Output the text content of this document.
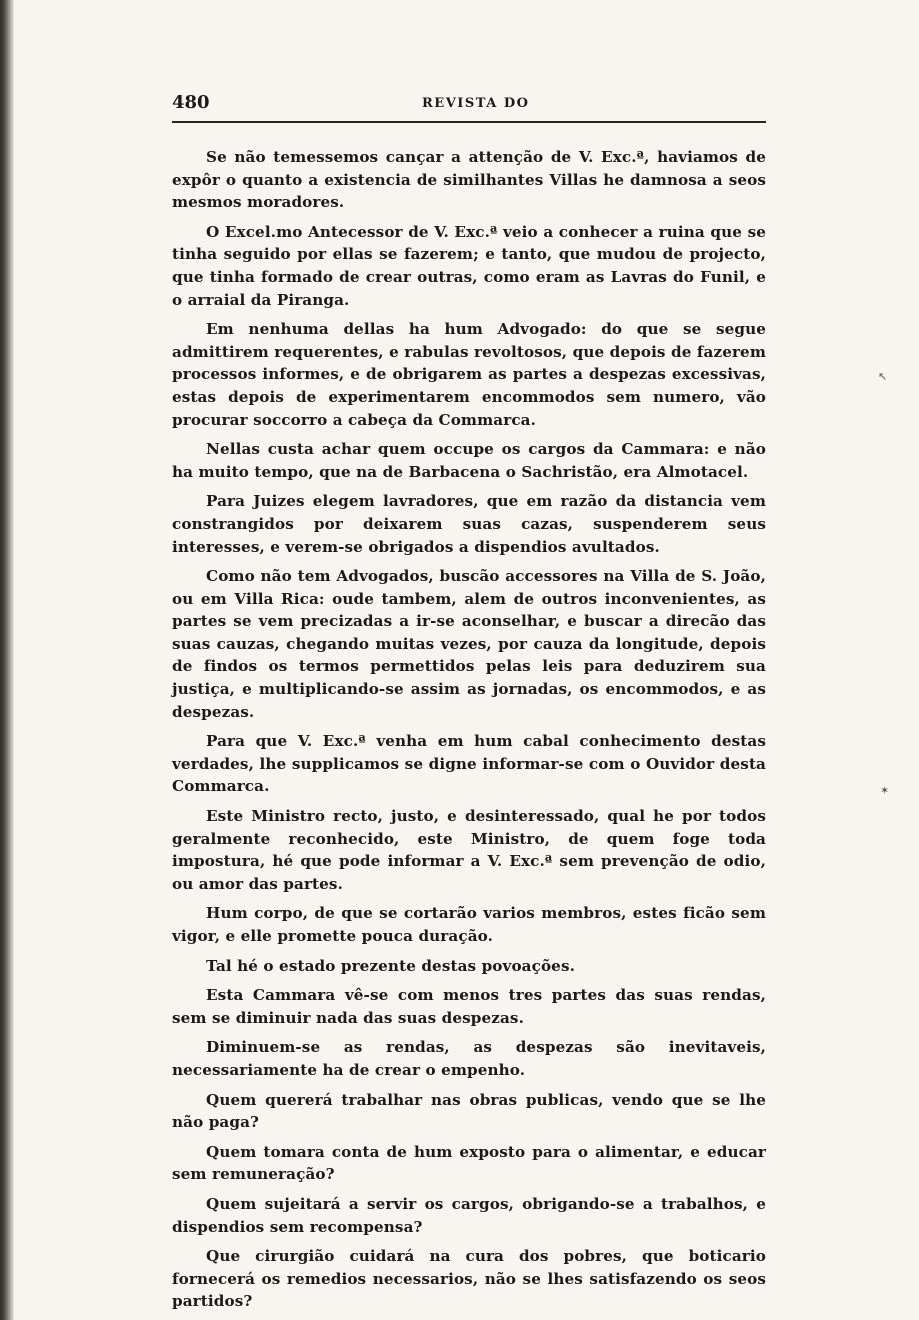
480	REVISTA DO

Se não temessemos cançar a attenção de V. Exc.ª, haviamos de expôr o quanto a existencia de similhantes Villas he damnosa a seos mesmos moradores.

O Excel.mo Antecessor de V. Exc.ª veio a conhecer a ruina que se tinha seguido por ellas se fazerem; e tanto, que mudou de projecto, que tinha formado de crear outras, como eram as Lavras do Funil, e o arraial da Piranga.

Em nenhuma dellas ha hum Advogado: do que se segue admittirem requerentes, e rabulas revoltosos, que depois de fazerem processos informes, e de obrigarem as partes a despezas excessivas, estas depois de experimentarem encommodos sem numero, vão procurar soccorro a cabeça da Commarca.

Nellas custa achar quem occupe os cargos da Cammara: e não ha muito tempo, que na de Barbacena o Sachristão, era Almotacel.

Para Juizes elegem lavradores, que em razão da distancia vem constrangidos por deixarem suas cazas, suspenderem seus interesses, e verem-se obrigados a dispendios avultados.

Como não tem Advogados, buscão accessores na Villa de S. João, ou em Villa Rica: oude tambem, alem de outros inconvenientes, as partes se vem precizadas a ir-se aconselhar, e buscar a direcão das suas cauzas, chegando muitas vezes, por cauza da longitude, depois de findos os termos permettidos pelas leis para deduzirem sua justiça, e multiplicando-se assim as jornadas, os encommodos, e as despezas.

Para que V. Exc.ª venha em hum cabal conhecimento destas verdades, lhe supplicamos se digne informar-se com o Ouvidor desta Commarca.

Este Ministro recto, justo, e desinteressado, qual he por todos geralmente reconhecido, este Ministro, de quem foge toda impostura, hé que pode informar a V. Exc.ª sem prevenção de odio, ou amor das partes.

Hum corpo, de que se cortarão varios membros, estes ficão sem vigor, e elle promette pouca duração.

Tal hé o estado prezente destas povoações.

Esta Cammara vê-se com menos tres partes das suas rendas, sem se diminuir nada das suas despezas.

Diminuem-se as rendas, as despezas são inevitaveis, necessariamente ha de crear o empenho.

Quem quererá trabalhar nas obras publicas, vendo que se lhe não paga?

Quem tomara conta de hum exposto para o alimentar, e educar sem remuneração?

Quem sujeitará a servir os cargos, obrigando-se a trabalhos, e dispendios sem recompensa?

Que cirurgião cuidará na cura dos pobres, que boticario fornecerá os remedios necessarios, não se lhes satisfazendo os seos partidos?

↖
✶
